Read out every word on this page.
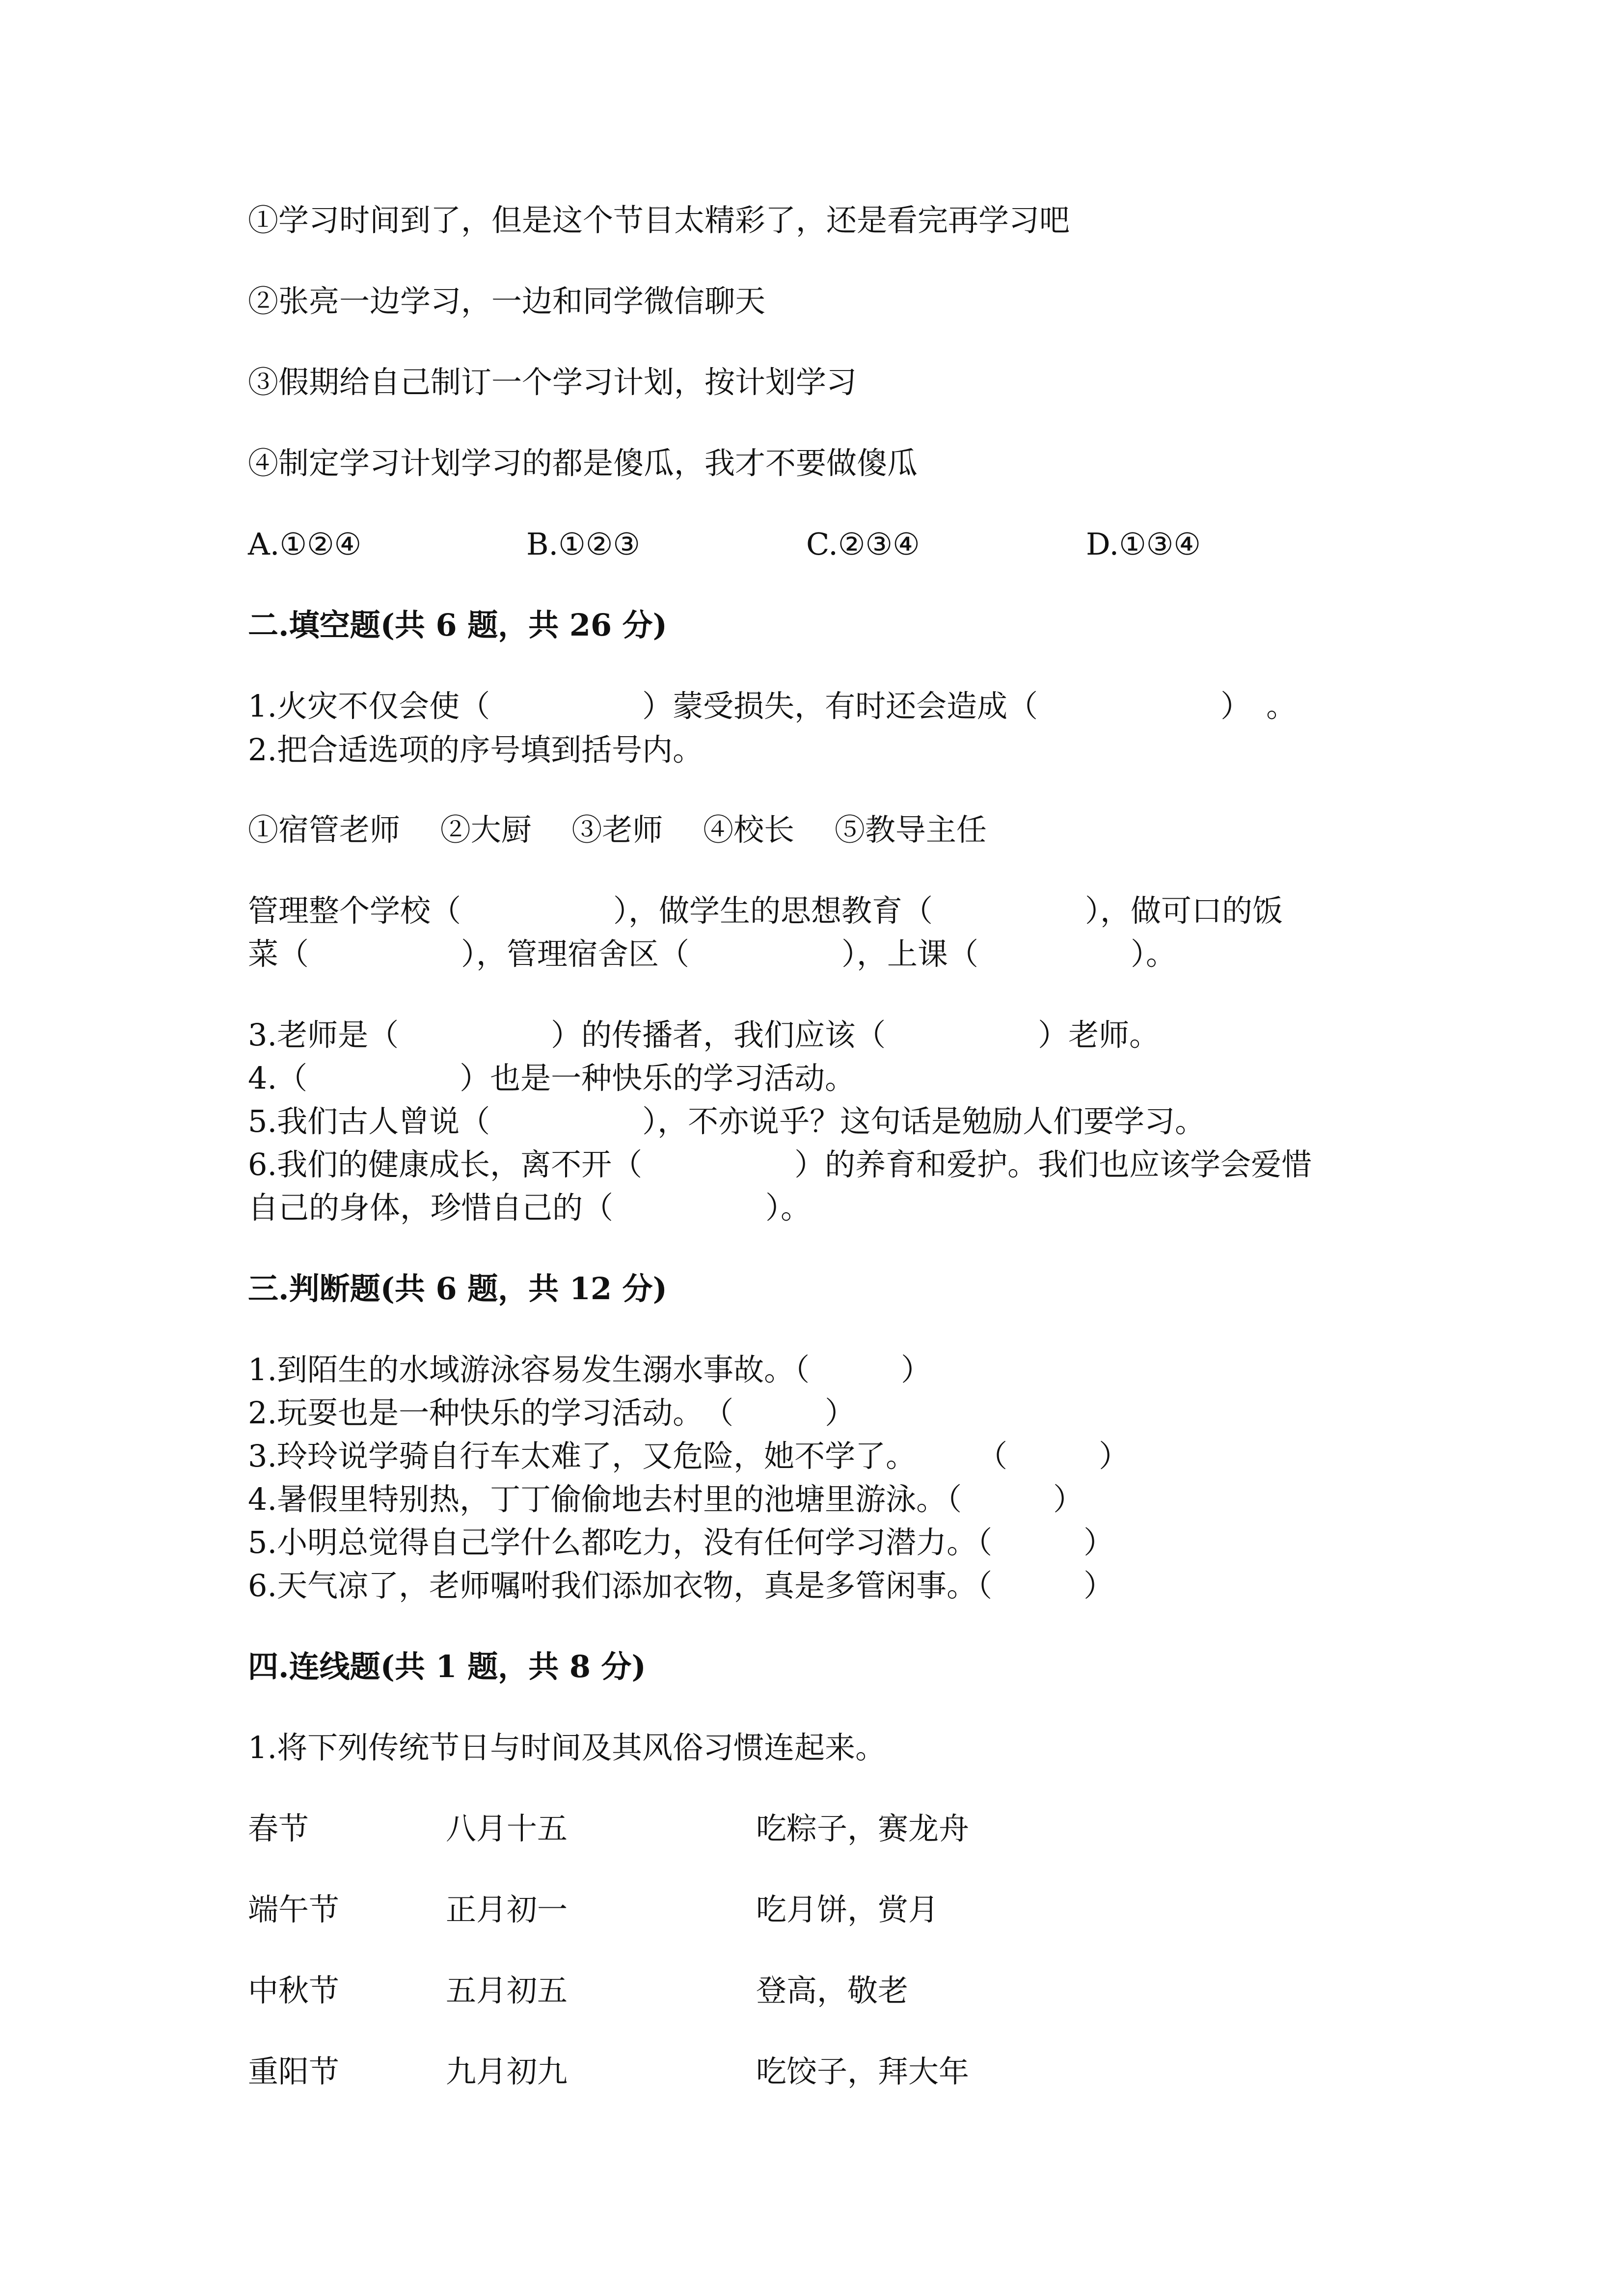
①学习时间到了，但是这个节目太精彩了，还是看完再学习吧
②张亮一边学习，一边和同学微信聊天
③假期给自己制订一个学习计划，按计划学习
④制定学习计划学习的都是傻瓜，我才不要做傻瓜
A.①②④	B.①②③	C.②③④	D.①③④
二.填空题(共 6 题，共 26 分)
1.火灾不仅会使（　　　　　）蒙受损失，有时还会造成（　　　　　　）　。
2.把合适选项的序号填到括号内。
①宿管老师　 ②大厨　 ③老师　 ④校长　 ⑤教导主任
管理整个学校（　　　　　），做学生的思想教育（　　　　　），做可口的饭
菜（　　　　　），管理宿舍区（　　　　　），上课（　　　　　）。
3.老师是（　　　　　）的传播者，我们应该（　　　　　）老师。
4.（　　　　　）也是一种快乐的学习活动。
5.我们古人曾说（　　　　　），不亦说乎？这句话是勉励人们要学习。
6.我们的健康成长，离不开（　　　　　）的养育和爱护。我们也应该学会爱惜
自己的身体，珍惜自己的（　　　　　）。
三.判断题(共 6 题，共 12 分)
1.到陌生的水域游泳容易发生溺水事故。（　　　）
2.玩耍也是一种快乐的学习活动。　（　　　）
3.玲玲说学骑自行车太难了，又危险，她不学了。　　　（　　　）
4.暑假里特别热，丁丁偷偷地去村里的池塘里游泳。（　　　）
5.小明总觉得自己学什么都吃力，没有任何学习潜力。（　　　）
6.天气凉了，老师嘱咐我们添加衣物，真是多管闲事。（　　　）
四.连线题(共 1 题，共 8 分)
1.将下列传统节日与时间及其风俗习惯连起来。
春节	八月十五	吃粽子，赛龙舟
端午节	正月初一	吃月饼，赏月
中秋节	五月初五	登高，敬老
重阳节	九月初九	吃饺子，拜大年
